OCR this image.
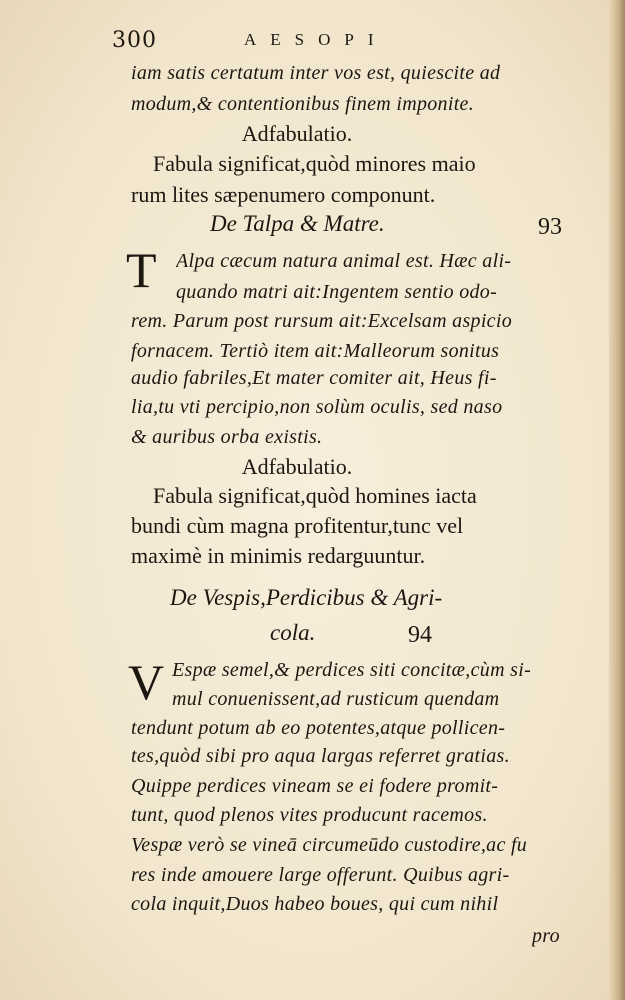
300	AESOPI
iam satis certatum inter vos est, quiescite ad
modum,& contentionibus finem imponite.
Adfabulatio.
Fabula significat,quòd minores maio
rum lites sæpenumero componunt.
De Talpa & Matre.	93
T Alpa cæcum natura animal est. Hæc ali-
quando matri ait:Ingentem sentio odo-
rem. Parum post rursum ait:Excelsam aspicio
fornacem. Tertiò item ait:Malleorum sonitus
audio fabriles,Et mater comiter ait, Heus fi-
lia,tu vti percipio,non solùm oculis, sed naso
& auribus orba existis.
Adfabulatio.
Fabula significat,quòd homines iacta
bundi cùm magna profitentur,tunc vel
maximè in minimis redarguuntur.
De Vespis,Perdicibus & Agri-
cola.	94
V Espæ semel,& perdices siti concitæ,cùm si-
mul conuenissent,ad rusticum quendam
tendunt potum ab eo potentes,atque pollicen-
tes,quòd sibi pro aqua largas referret gratias.
Quippe perdices vineam se ei fodere promit-
tunt, quod plenos vites producunt racemos.
Vespæ verò se vineā circumeūdo custodire,ac fu
res inde amouere large offerunt. Quibus agri-
cola inquit,Duos habeo boues, qui cum nihil
pro
